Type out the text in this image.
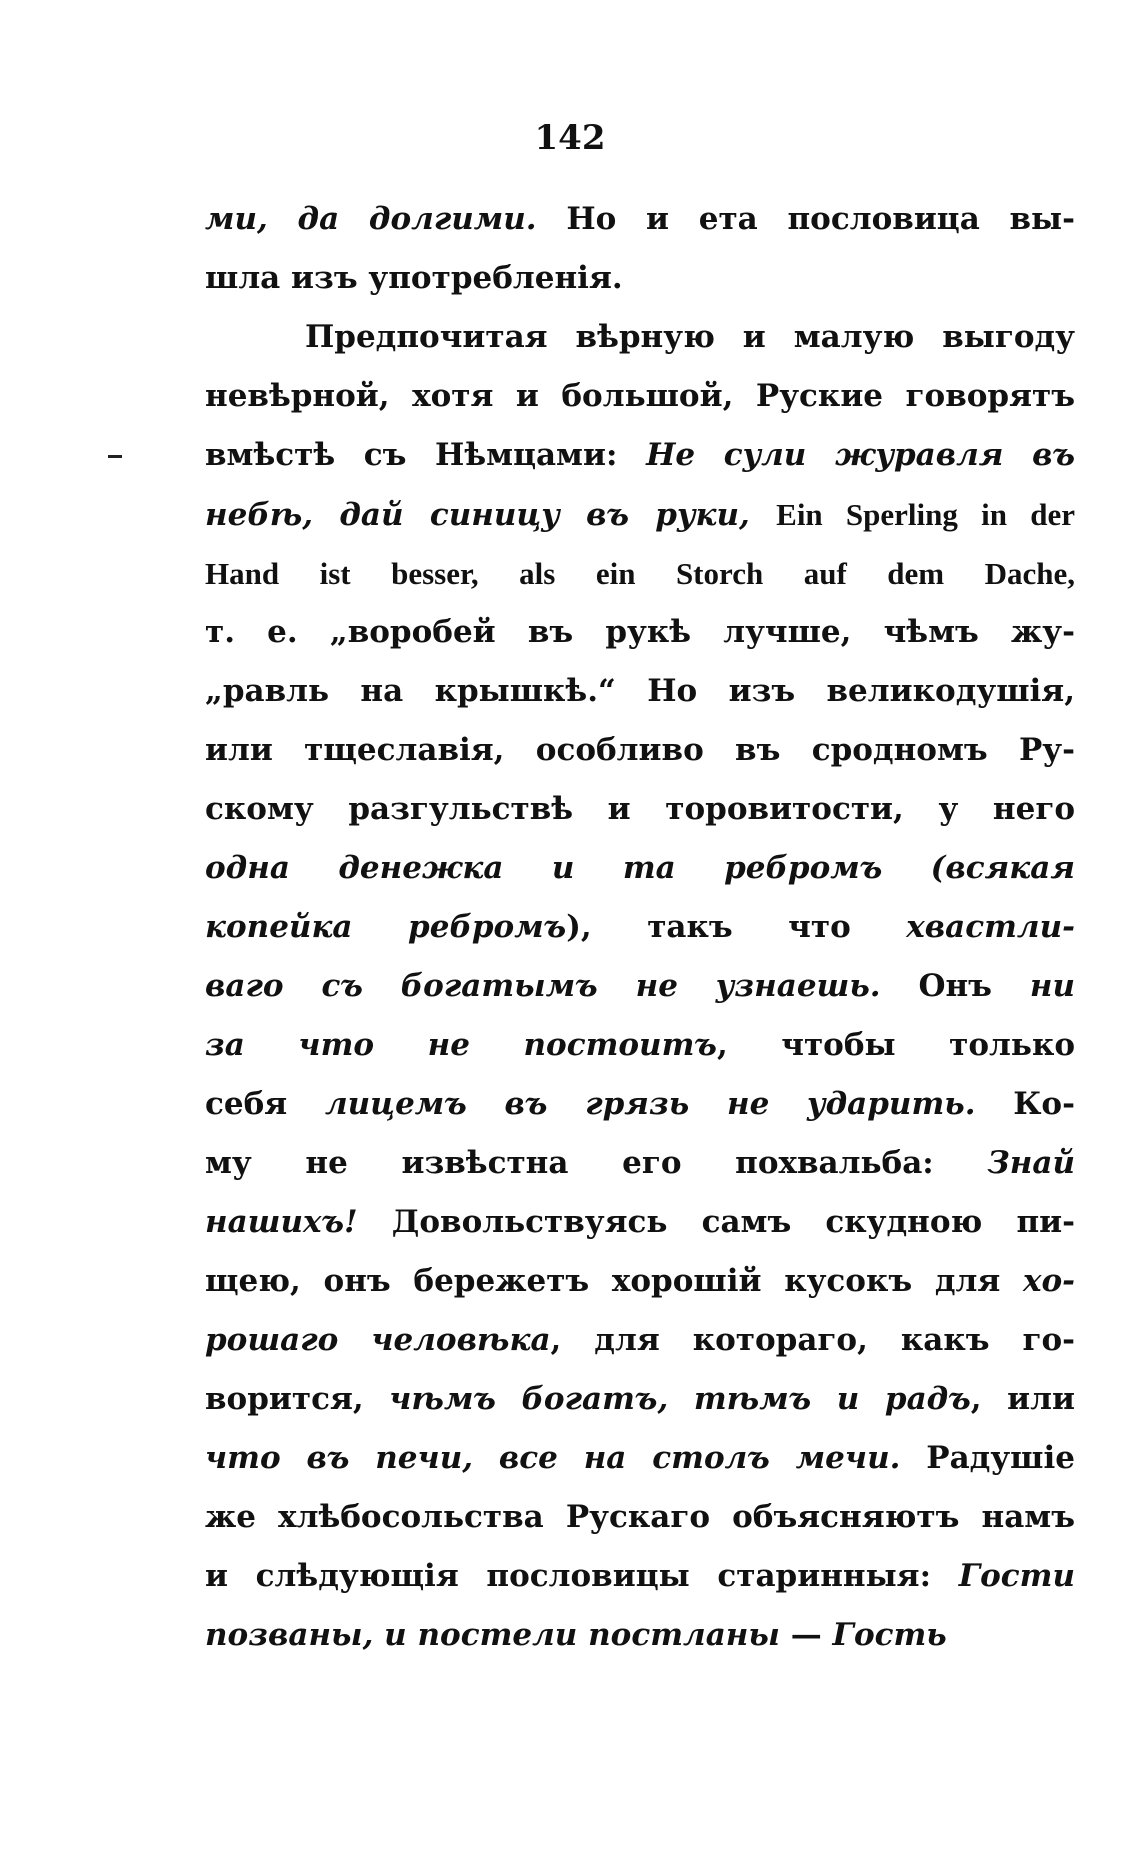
142
ми, да долгими. Но и ета пословица вы-
шла изъ употребленія.
Предпочитая вѣрную и малую выгоду
невѣрной, хотя и большой, Руские говорятъ
вмѣстѣ съ Нѣмцами: Не сули журавля въ
небѣ, дай синицу въ руки, Ein Sperling in der
Hand ist besser, als ein Storch auf dem Dache,
т. е. „воробей въ рукѣ лучше, чѣмъ жу-
„равль на крышкѣ.“ Но изъ великодушія,
или тщеславія, особливо въ сродномъ Ру-
скому разгульствѣ и торовитости, у него
одна денежка и та ребромъ (всякая
копейка ребромъ), такъ что хвастли-
ваго съ богатымъ не узнаешь. Онъ ни
за что не постоитъ, чтобы только
себя лицемъ въ грязь не ударить. Ко-
му не извѣстна его похвальба: Знай
нашихъ! Довольствуясь самъ скудною пи-
щею, онъ бережетъ хорошій кусокъ для хо-
рошаго человѣка, для котораго, какъ го-
ворится, чѣмъ богатъ, тѣмъ и радъ, или
что въ печи, все на столъ мечи. Радушіе
же хлѣбосольства Рускаго объясняютъ намъ
и слѣдующія пословицы старинныя: Гости
позваны, и постели постланы — Гость
